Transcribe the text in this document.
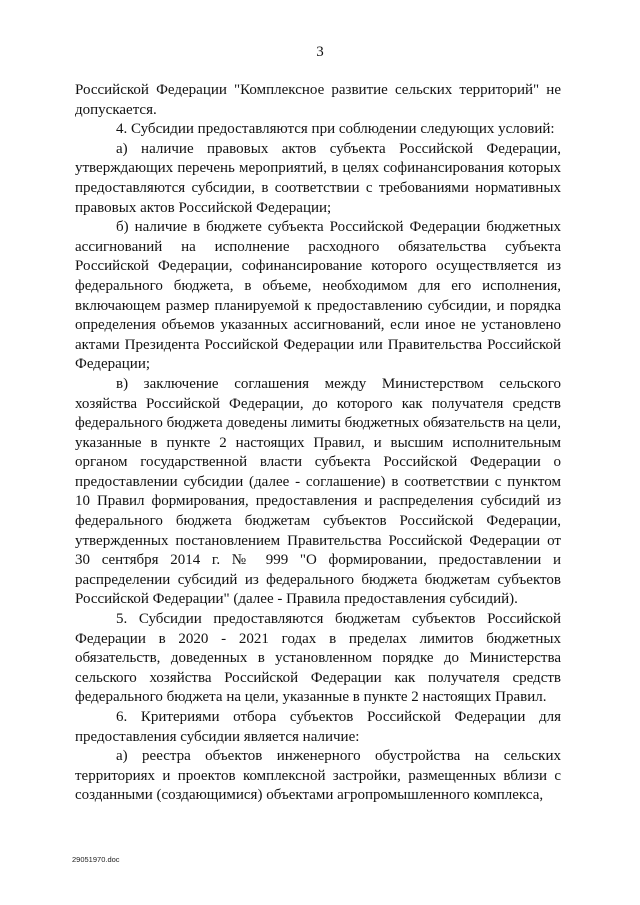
3

Российской Федерации "Комплексное развитие сельских территорий" не допускается.

4. Субсидии предоставляются при соблюдении следующих условий:

а) наличие правовых актов субъекта Российской Федерации, утверждающих перечень мероприятий, в целях софинансирования которых предоставляются субсидии, в соответствии с требованиями нормативных правовых актов Российской Федерации;

б) наличие в бюджете субъекта Российской Федерации бюджетных ассигнований на исполнение расходного обязательства субъекта Российской Федерации, софинансирование которого осуществляется из федерального бюджета, в объеме, необходимом для его исполнения, включающем размер планируемой к предоставлению субсидии, и порядка определения объемов указанных ассигнований, если иное не установлено актами Президента Российской Федерации или Правительства Российской Федерации;

в) заключение соглашения между Министерством сельского хозяйства Российской Федерации, до которого как получателя средств федерального бюджета доведены лимиты бюджетных обязательств на цели, указанные в пункте 2 настоящих Правил, и высшим исполнительным органом государственной власти субъекта Российской Федерации о предоставлении субсидии (далее - соглашение) в соответствии с пунктом 10 Правил формирования, предоставления и распределения субсидий из федерального бюджета бюджетам субъектов Российской Федерации, утвержденных постановлением Правительства Российской Федерации от 30 сентября 2014 г. № 999 "О формировании, предоставлении и распределении субсидий из федерального бюджета бюджетам субъектов Российской Федерации" (далее - Правила предоставления субсидий).

5. Субсидии предоставляются бюджетам субъектов Российской Федерации в 2020 - 2021 годах в пределах лимитов бюджетных обязательств, доведенных в установленном порядке до Министерства сельского хозяйства Российской Федерации как получателя средств федерального бюджета на цели, указанные в пункте 2 настоящих Правил.

6. Критериями отбора субъектов Российской Федерации для предоставления субсидии является наличие:

а) реестра объектов инженерного обустройства на сельских территориях и проектов комплексной застройки, размещенных вблизи с созданными (создающимися) объектами агропромышленного комплекса,

29051970.doc
